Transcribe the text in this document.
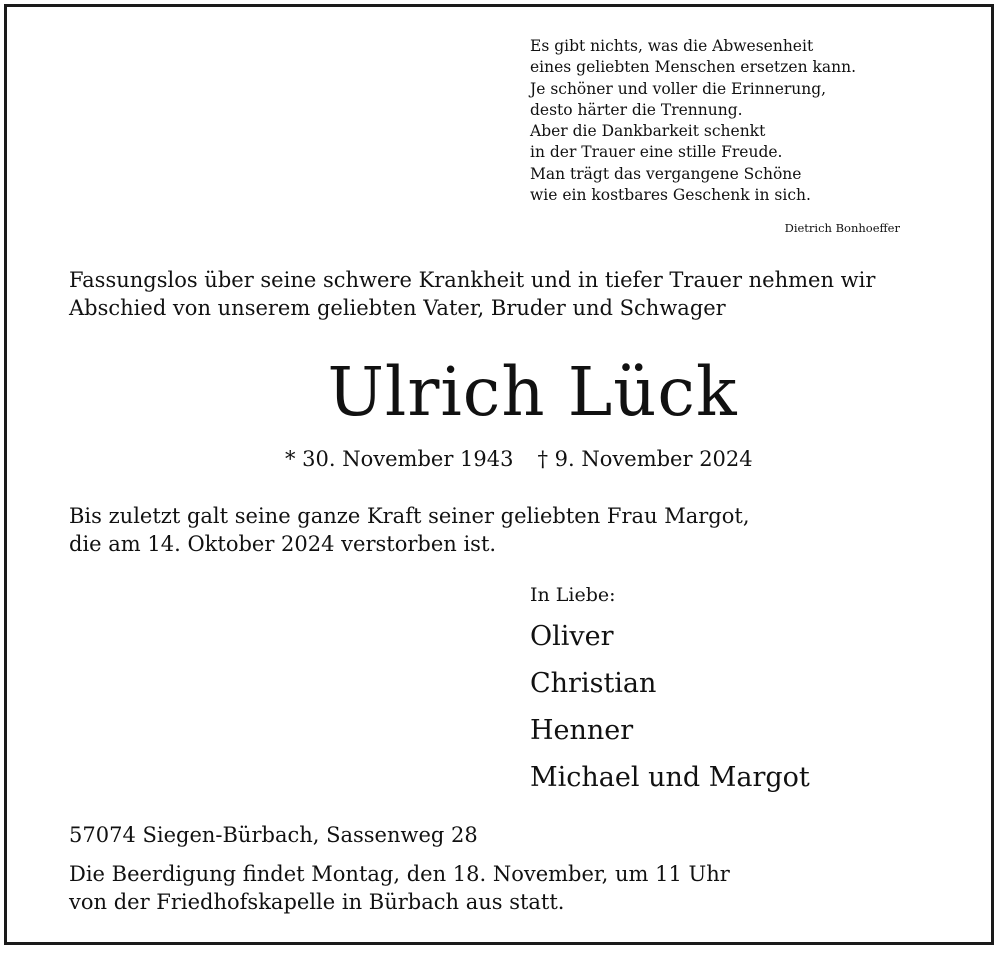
Es gibt nichts, was die Abwesenheit
eines geliebten Menschen ersetzen kann.
Je schöner und voller die Erinnerung,
desto härter die Trennung.
Aber die Dankbarkeit schenkt
in der Trauer eine stille Freude.
Man trägt das vergangene Schöne
wie ein kostbares Geschenk in sich.
Dietrich Bonhoeffer

Fassungslos über seine schwere Krankheit und in tiefer Trauer nehmen wir
Abschied von unserem geliebten Vater, Bruder und Schwager

Ulrich Lück
* 30. November 1943 † 9. November 2024

Bis zuletzt galt seine ganze Kraft seiner geliebten Frau Margot,
die am 14. Oktober 2024 verstorben ist.

In Liebe:
Oliver
Christian
Henner
Michael und Margot

57074 Siegen-Bürbach, Sassenweg 28

Die Beerdigung findet Montag, den 18. November, um 11 Uhr
von der Friedhofskapelle in Bürbach aus statt.
